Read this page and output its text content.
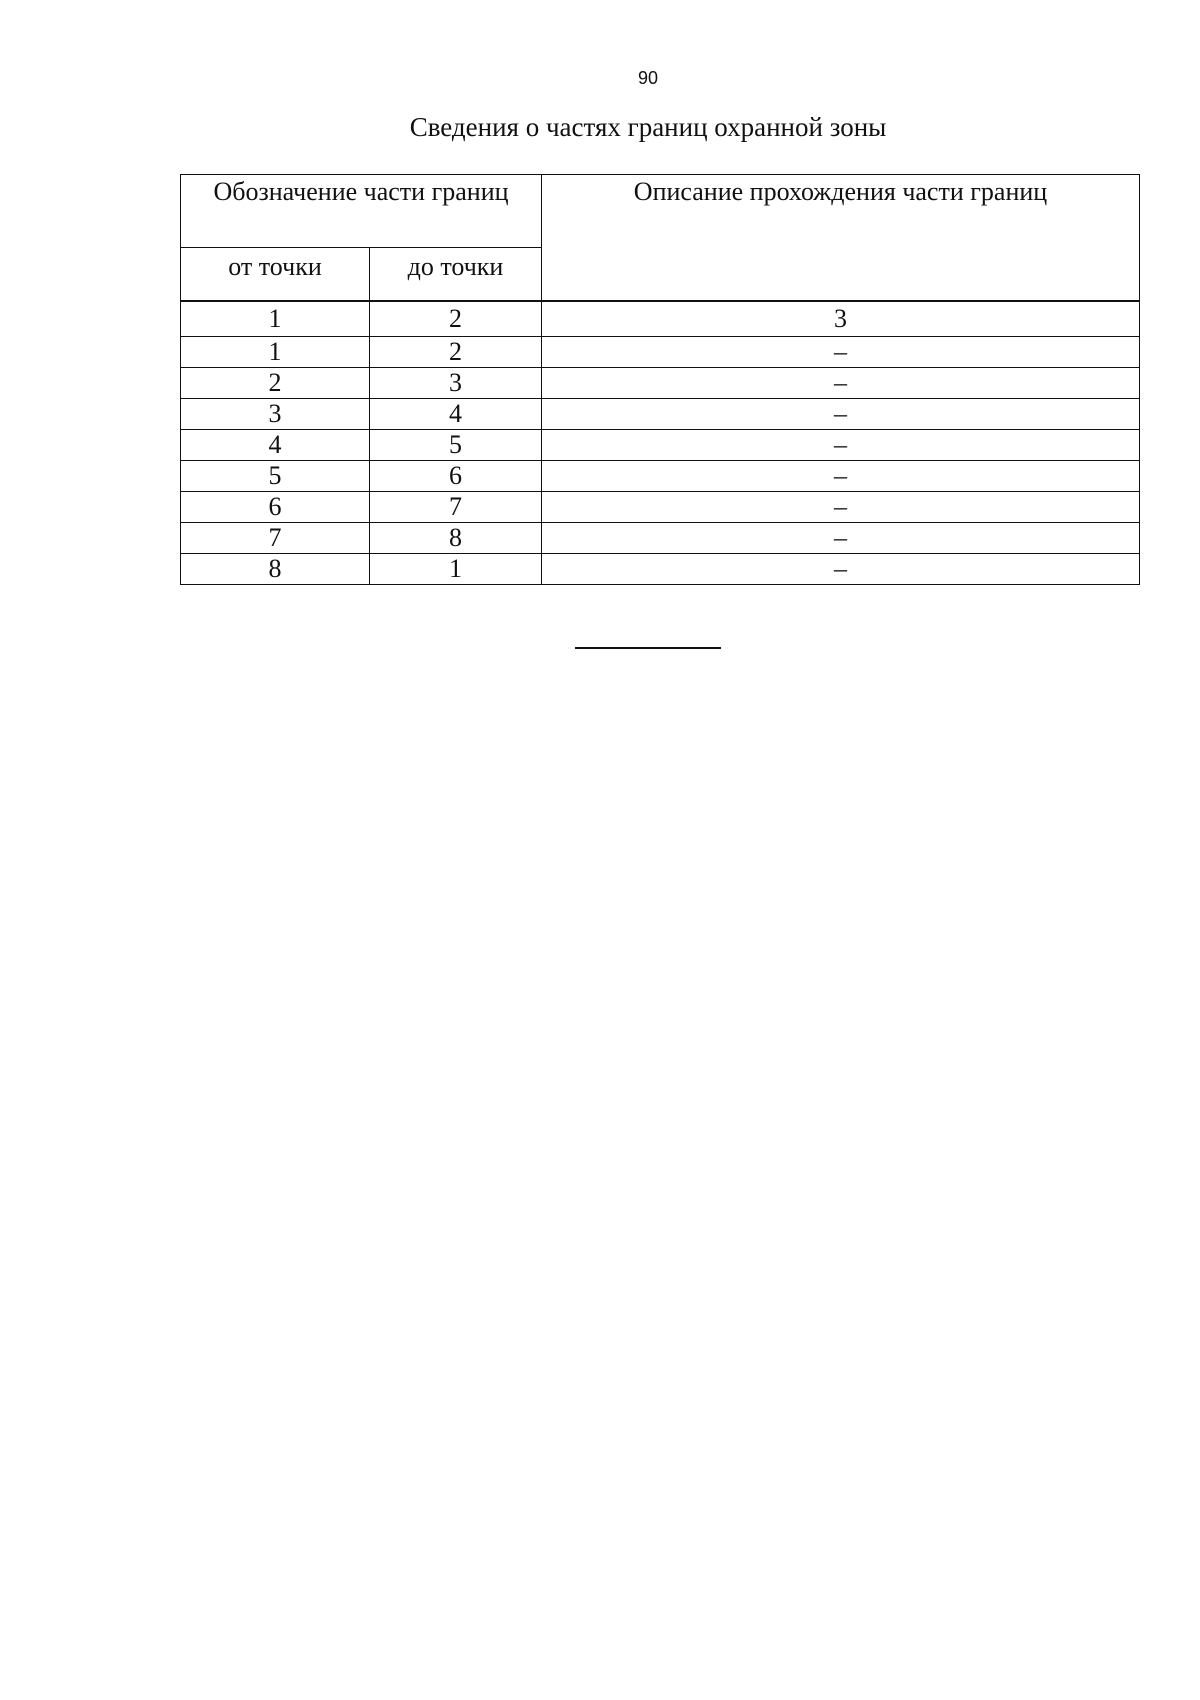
90
Сведения о частях границ охранной зоны
Обозначение части границ		Описание прохождения части границ
от точки	до точки	
1	2	3
1	2	–
2	3	–
3	4	–
4	5	–
5	6	–
6	7	–
7	8	–
8	1	–
